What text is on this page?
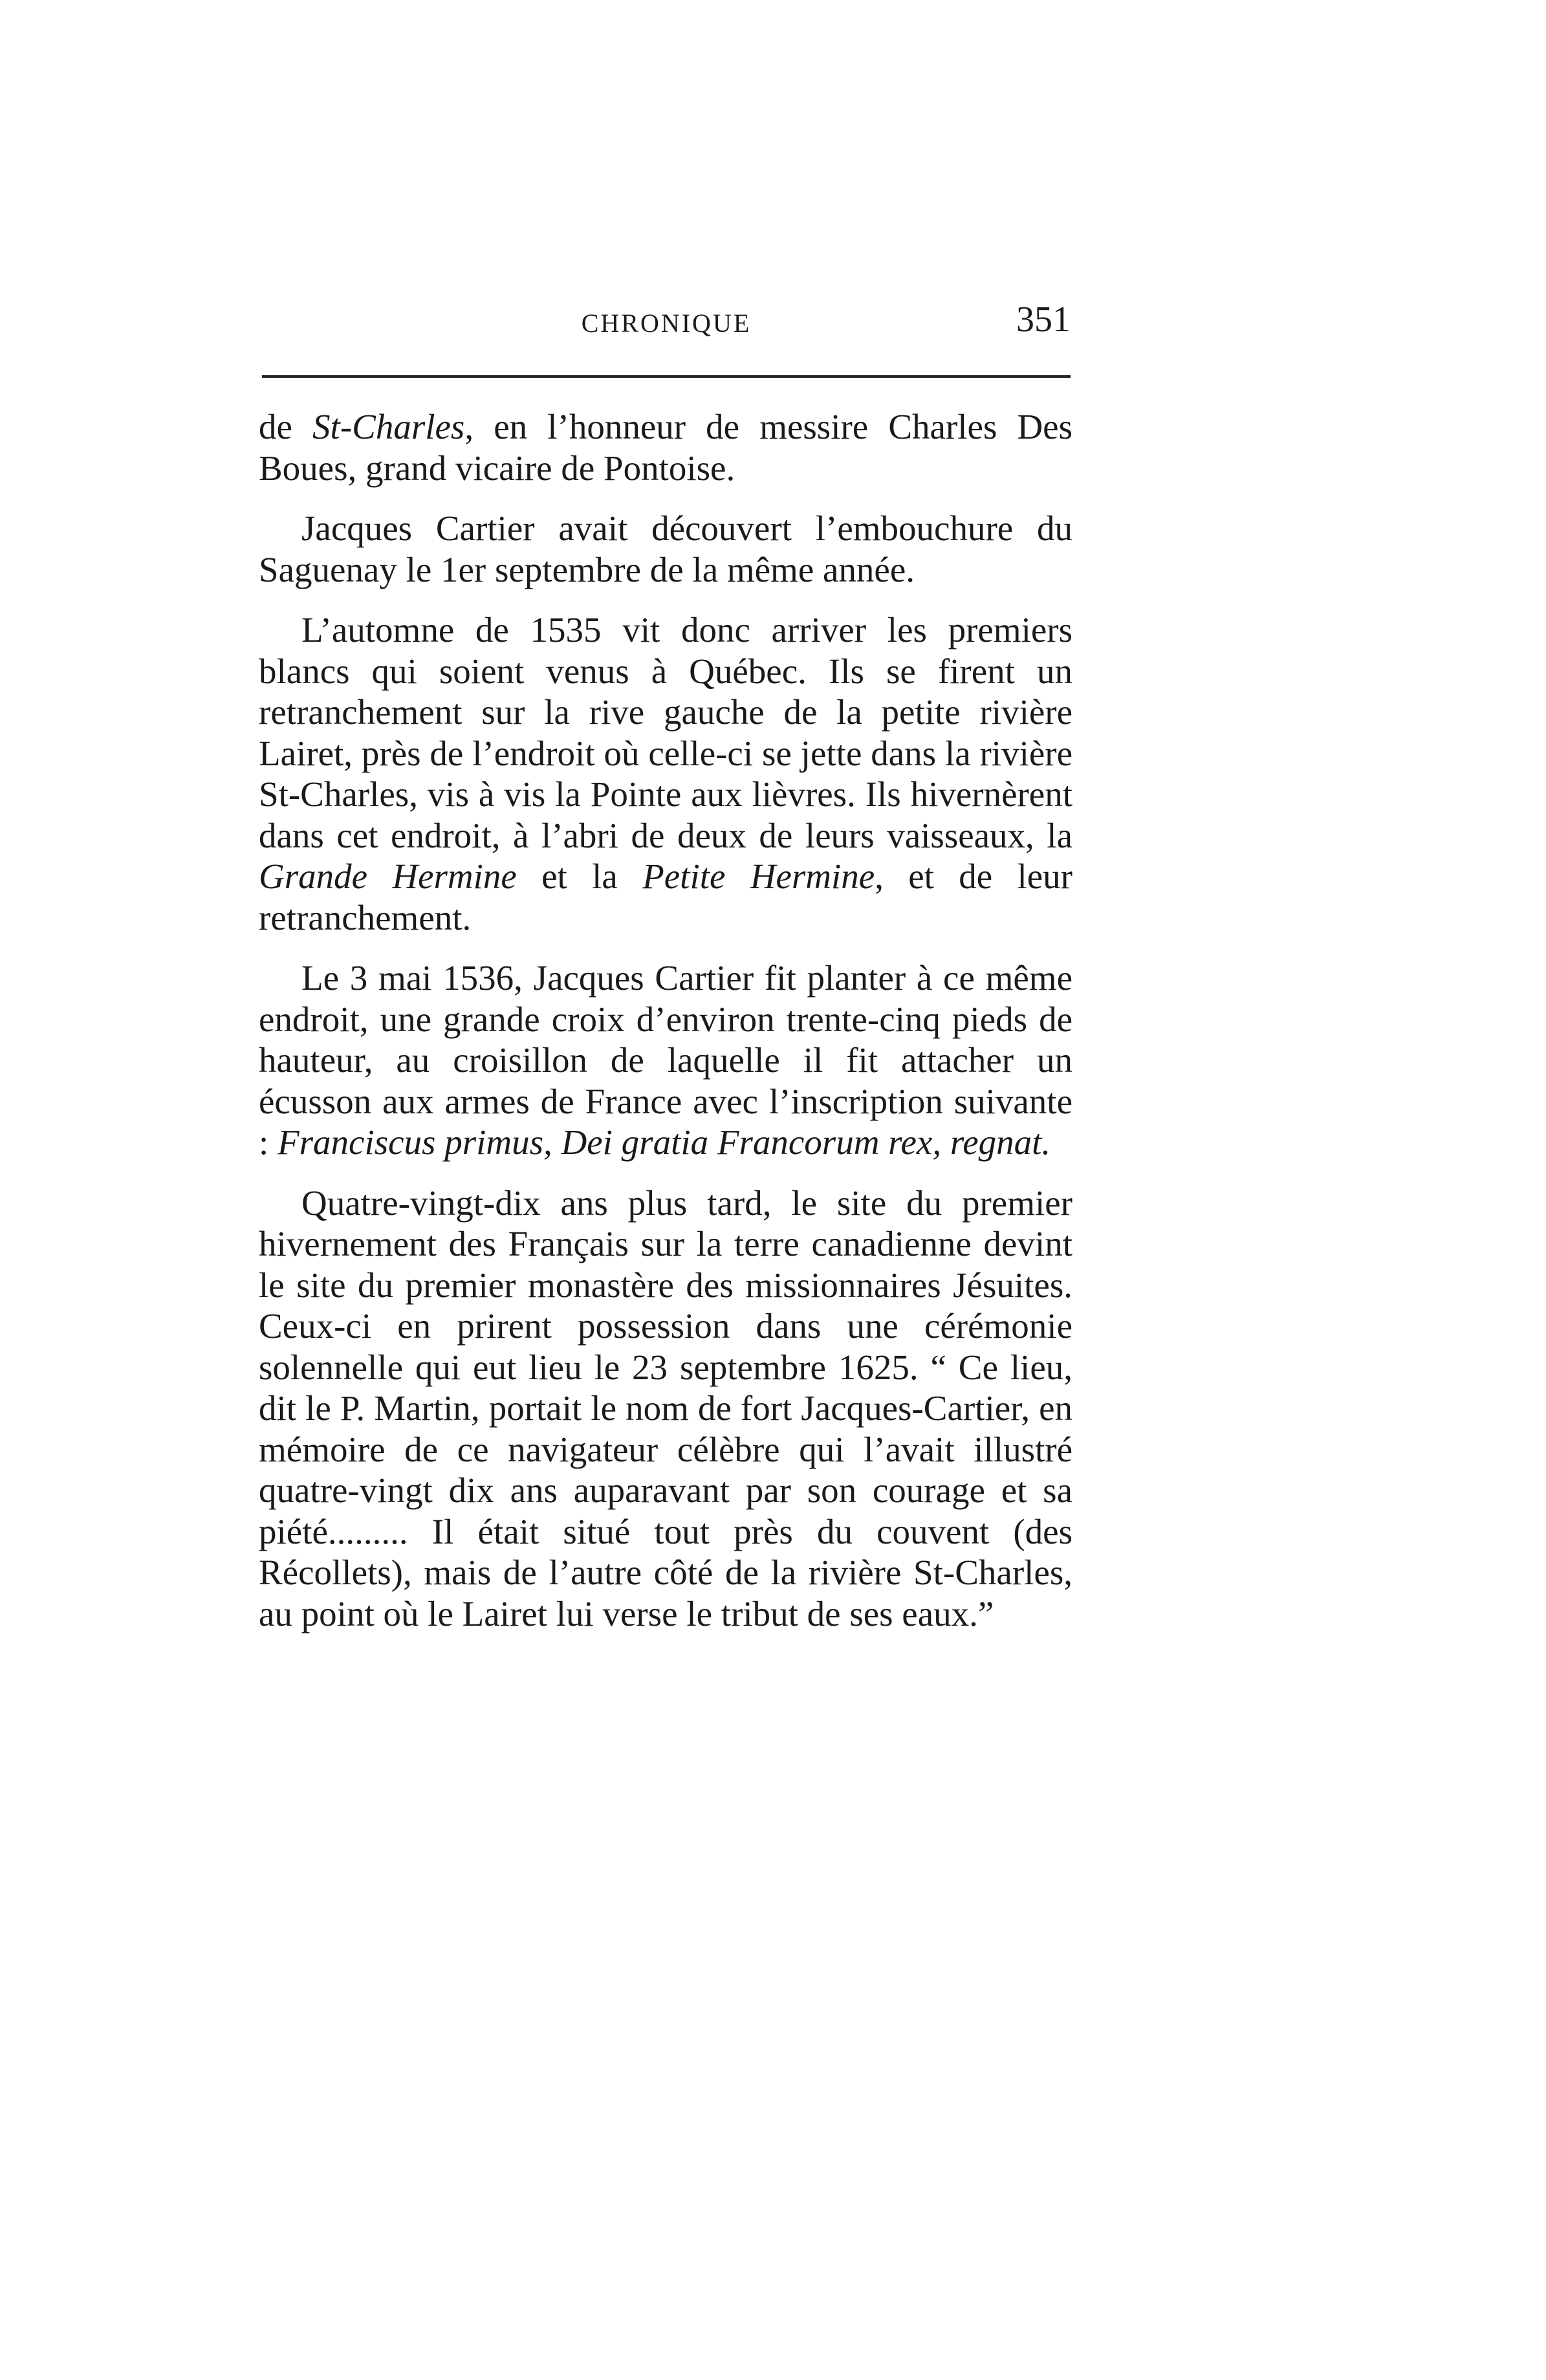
CHRONIQUE	351

de St-Charles, en l’honneur de messire Charles Des Boues, grand vicaire de Pontoise.

Jacques Cartier avait découvert l’embouchure du Saguenay le 1er septembre de la même année.

L’automne de 1535 vit donc arriver les premiers blancs qui soient venus à Québec. Ils se firent un retranchement sur la rive gauche de la petite rivière Lairet, près de l’endroit où celle-ci se jette dans la rivière St-Charles, vis à vis la Pointe aux lièvres. Ils hivernèrent dans cet endroit, à l’abri de deux de leurs vaisseaux, la Grande Hermine et la Petite Hermine, et de leur retranchement.

Le 3 mai 1536, Jacques Cartier fit planter à ce même endroit, une grande croix d’environ trente-cinq pieds de hauteur, au croisillon de laquelle il fit attacher un écusson aux armes de France avec l’inscription suivante : Franciscus primus, Dei gratia Francorum rex, regnat.

Quatre-vingt-dix ans plus tard, le site du premier hivernement des Français sur la terre canadienne devint le site du premier monastère des missionnaires Jésuites. Ceux-ci en prirent possession dans une cérémonie solennelle qui eut lieu le 23 septembre 1625. “ Ce lieu, dit le P. Martin, portait le nom de fort Jacques-Cartier, en mémoire de ce navigateur célèbre qui l’avait illustré quatre-vingt dix ans auparavant par son courage et sa piété......... Il était situé tout près du couvent (des Récollets), mais de l’autre côté de la rivière St-Charles, au point où le Lairet lui verse le tribut de ses eaux.”
